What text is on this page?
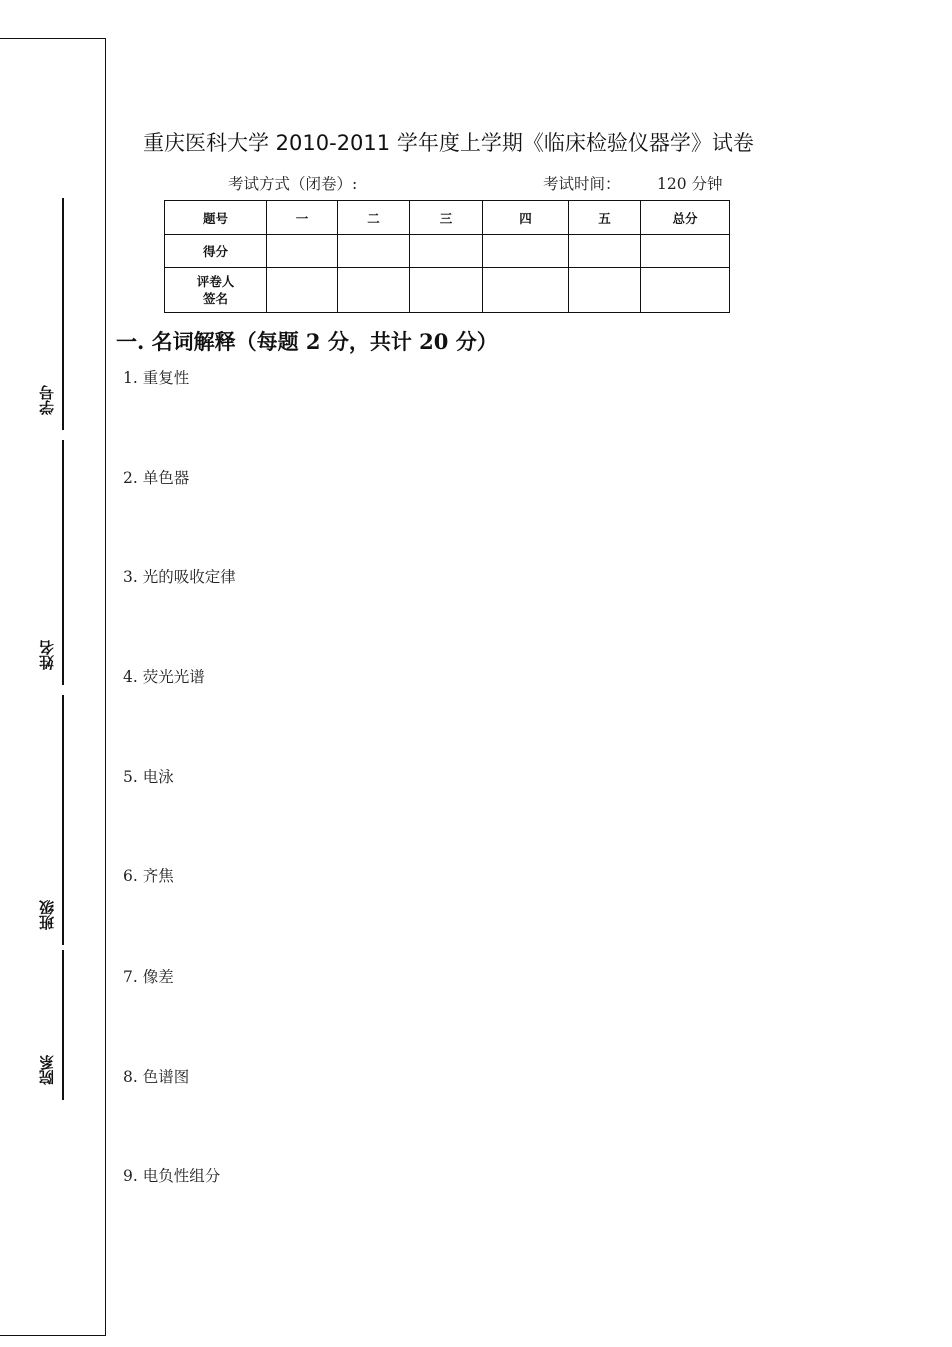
学号
姓名
班级
院系
重庆医科大学 2010-2011 学年度上学期《临床检验仪器学》试卷
考试方式（闭卷）:	考试时间： 120 分钟
题号	一	二	三	四	五	总分
得分						
评卷人
签名						
一. 名词解释（每题 2 分，共计 20 分）
1. 重复性
2. 单色器
3. 光的吸收定律
4. 荧光光谱
5. 电泳
6. 齐焦
7. 像差
8. 色谱图
9. 电负性组分
